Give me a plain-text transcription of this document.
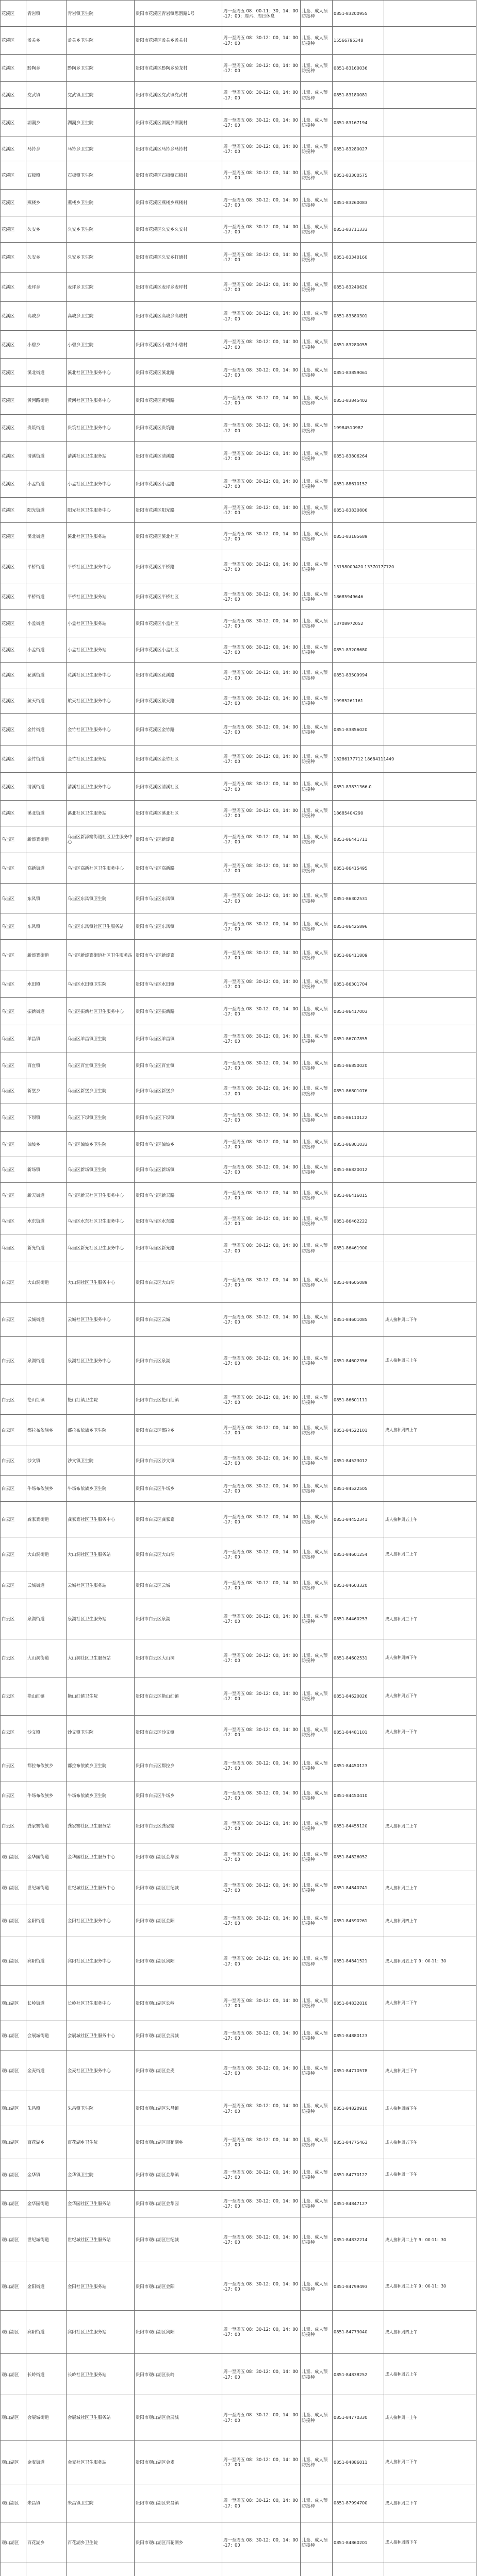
花溪区	青岩镇	青岩镇卫生院	贵阳市花溪区青岩镇思潜路1号	周一至周五 08：00-11：30，14：00-17：00；周六、周日休息	儿童、成人预防接种	0851-83200955	
花溪区	孟关乡	孟关乡卫生院	贵阳市花溪区孟关乡孟关村	周一至周五 08：30-12：00，14：00-17：00	儿童、成人预防接种	15566795348	
花溪区	黔陶乡	黔陶乡卫生院	贵阳市花溪区黔陶乡骑龙村	周一至周五 08：30-12：00，14：00-17：00	儿童、成人预防接种	0851-83160036	
花溪区	党武镇	党武镇卫生院	贵阳市花溪区党武镇党武村	周一至周五 08：30-12：00，14：00-17：00	儿童、成人预防接种	0851-83180081	
花溪区	湖潮乡	湖潮乡卫生院	贵阳市花溪区湖潮乡湖潮村	周一至周五 08：30-12：00，14：00-17：00	儿童、成人预防接种	0851-83167194	
花溪区	马铃乡	马铃乡卫生院	贵阳市花溪区马铃乡马铃村	周一至周五 08：30-12：00，14：00-17：00	儿童、成人预防接种	0851-83280027	
花溪区	石板镇	石板镇卫生院	贵阳市花溪区石板镇石板村	周一至周五 08：30-12：00，14：00-17：00	儿童、成人预防接种	0851-83300575	
花溪区	燕楼乡	燕楼乡卫生院	贵阳市花溪区燕楼乡燕楼村	周一至周五 08：30-12：00，14：00-17：00	儿童、成人预防接种	0851-83260083	
花溪区	久安乡	久安乡卫生院	贵阳市花溪区久安乡久安村	周一至周五 08：30-12：00，14：00-17：00	儿童、成人预防接种	0851-83711333	
花溪区	久安乡	久安乡卫生院	贵阳市花溪区久安乡打通村	周一至周五 08：30-12：00，14：00-17：00	儿童、成人预防接种	0851-83340160	
花溪区	麦坪乡	麦坪乡卫生院	贵阳市花溪区麦坪乡麦坪村	周一至周五 08：30-12：00，14：00-17：00	儿童、成人预防接种	0851-83240620	
花溪区	高坡乡	高坡乡卫生院	贵阳市花溪区高坡乡高坡村	周一至周五 08：30-12：00，14：00-17：00	儿童、成人预防接种	0851-83380301	
花溪区	小碧乡	小碧乡卫生院	贵阳市花溪区小碧乡小碧村	周一至周五 08：30-12：00，14：00-17：00	儿童、成人预防接种	0851-83280055	
花溪区	溪北街道	溪北社区卫生服务中心	贵阳市花溪区溪北路	周一至周五 08：30-12：00，14：00-17：00	儿童、成人预防接种	0851-83859061	
花溪区	黄河路街道	黄河社区卫生服务中心	贵阳市花溪区黄河路	周一至周五 08：30-12：00，14：00-17：00	儿童、成人预防接种	0851-83845402	
花溪区	贵筑街道	贵筑社区卫生服务中心	贵阳市花溪区贵筑路	周一至周五 08：30-12：00，14：00-17：00	儿童、成人预防接种	19984510987	
花溪区	清溪街道	清溪社区卫生服务站	贵阳市花溪区清溪路	周一至周五 08：30-12：00，14：00-17：00	儿童、成人预防接种	0851-83806264	
花溪区	小孟街道	小孟社区卫生服务中心	贵阳市花溪区小孟路	周一至周五 08：30-12：00，14：00-17：00	儿童、成人预防接种	0851-88610152	
花溪区	阳光街道	阳光社区卫生服务中心	贵阳市花溪区阳光路	周一至周五 08：30-12：00，14：00-17：00	儿童、成人预防接种	0851-83830806	
花溪区	溪北街道	溪北社区卫生服务站	贵阳市花溪区溪北社区	周一至周五 08：30-12：00，14：00-17：00	儿童、成人预防接种	0851-83185689	
花溪区	平桥街道	平桥社区卫生服务中心	贵阳市花溪区平桥路	周一至周五 08：30-12：00，14：00-17：00	儿童、成人预防接种	13158009420 13370177720	
花溪区	平桥街道	平桥社区卫生服务站	贵阳市花溪区平桥社区	周一至周五 08：30-12：00，14：00-17：00	儿童、成人预防接种	18685949646	
花溪区	小孟街道	小孟社区卫生服务站	贵阳市花溪区小孟社区	周一至周五 08：30-12：00，14：00-17：00	儿童、成人预防接种	13708972052	
花溪区	小孟街道	小孟社区卫生服务站	贵阳市花溪区小孟社区	周一至周五 08：30-12：00，14：00-17：00	儿童、成人预防接种	0851-83208680	
花溪区	花溪街道	花溪社区卫生服务中心	贵阳市花溪区花溪路	周一至周五 08：30-12：00，14：00-17：00	儿童、成人预防接种	0851-83509994	
花溪区	航天街道	航天社区卫生服务中心	贵阳市花溪区航天路	周一至周五 08：30-12：00，14：00-17：00	儿童、成人预防接种	19985261161	
花溪区	金竹街道	金竹社区卫生服务中心	贵阳市花溪区金竹路	周一至周五 08：30-12：00，14：00-17：00	儿童、成人预防接种	0851-83856020	
花溪区	金竹街道	金竹社区卫生服务站	贵阳市花溪区金竹社区	周一至周五 08：30-12：00，14：00-17：00	儿童、成人预防接种	18286177712 18684111449	
花溪区	清溪街道	清溪社区卫生服务中心	贵阳市花溪区清溪社区	周一至周五 08：30-12：00，14：00-17：00	儿童、成人预防接种	0851-83831366-0	
花溪区	溪北街道	溪北社区卫生服务站	贵阳市花溪区溪北社区	周一至周五 08：30-12：00，14：00-17：00	儿童、成人预防接种	18685404290	
乌当区	新添寨街道	乌当区新添寨街道社区卫生服务中心	贵阳市乌当区新添寨	周一至周五 08：30-12：00，14：00-17：00	儿童、成人预防接种	0851-86441711	
乌当区	高新街道	乌当区高新社区卫生服务中心	贵阳市乌当区高新路	周一至周五 08：30-12：00，14：00-17：00	儿童、成人预防接种	0851-86415495	
乌当区	东风镇	乌当区东风镇卫生院	贵阳市乌当区东风镇	周一至周五 08：30-12：00，14：00-17：00	儿童、成人预防接种	0851-86302531	
乌当区	东风镇	乌当区东风镇社区卫生服务站	贵阳市乌当区东风镇	周一至周五 08：30-12：00，14：00-17：00	儿童、成人预防接种	0851-86425896	
乌当区	新添寨街道	乌当区新添寨街道社区卫生服务站	贵阳市乌当区新添寨	周一至周五 08：30-12：00，14：00-17：00	儿童、成人预防接种	0851-86411809	
乌当区	水田镇	乌当区水田镇卫生院	贵阳市乌当区水田镇	周一至周五 08：30-12：00，14：00-17：00	儿童、成人预防接种	0851-86301704	
乌当区	振新街道	乌当区振新社区卫生服务中心	贵阳市乌当区振新路	周一至周五 08：30-12：00，14：00-17：00	儿童、成人预防接种	0851-86417003	
乌当区	羊昌镇	乌当区羊昌镇卫生院	贵阳市乌当区羊昌镇	周一至周五 08：30-12：00，14：00-17：00	儿童、成人预防接种	0851-86707855	
乌当区	百宜镇	乌当区百宜镇卫生院	贵阳市乌当区百宜镇	周一至周五 08：30-12：00，14：00-17：00	儿童、成人预防接种	0851-86850020	
乌当区	新堡乡	乌当区新堡乡卫生院	贵阳市乌当区新堡乡	周一至周五 08：30-12：00，14：00-17：00	儿童、成人预防接种	0851-86801076	
乌当区	下坝镇	乌当区下坝镇卫生院	贵阳市乌当区下坝镇	周一至周五 08：30-12：00，14：00-17：00	儿童、成人预防接种	0851-86110122	
乌当区	偏坡乡	乌当区偏坡乡卫生院	贵阳市乌当区偏坡乡	周一至周五 08：30-12：00，14：00-17：00	儿童、成人预防接种	0851-86801033	
乌当区	新场镇	乌当区新场镇卫生院	贵阳市乌当区新场镇	周一至周五 08：30-12：00，14：00-17：00	儿童、成人预防接种	0851-86820012	
乌当区	新天街道	乌当区新天社区卫生服务中心	贵阳市乌当区新天路	周一至周五 08：30-12：00，14：00-17：00	儿童、成人预防接种	0851-86416015	
乌当区	水东街道	乌当区水东社区卫生服务中心	贵阳市乌当区水东路	周一至周五 08：30-12：00，14：00-17：00	儿童、成人预防接种	0851-86462222	
乌当区	新光街道	乌当区新光社区卫生服务中心	贵阳市乌当区新光路	周一至周五 08：30-12：00，14：00-17：00	儿童、成人预防接种	0851-86461900	
白云区	大山洞街道	大山洞社区卫生服务中心	贵阳市白云区大山洞	周一至周五 08：30-12：00，14：00-17：00	儿童、成人预防接种	0851-84605089	
白云区	云城街道	云城社区卫生服务中心	贵阳市白云区云城	周一至周五 08：30-12：00，14：00-17：00	儿童、成人预防接种	0851-84601085	成人接种周二下午
白云区	泉湖街道	泉湖社区卫生服务中心	贵阳市白云区泉湖	周一至周五 08：30-12：00，14：00-17：00	儿童、成人预防接种	0851-84602356	成人接种周三上午
白云区	艳山红镇	艳山红镇卫生院	贵阳市白云区艳山红镇	周一至周五 08：30-12：00，14：00-17：00	儿童、成人预防接种	0851-86601111	
白云区	都拉布依族乡	都拉布依族乡卫生院	贵阳市白云区都拉乡	周一至周五 08：30-12：00，14：00-17：00	儿童、成人预防接种	0851-84522101	成人接种周四上午
白云区	沙文镇	沙文镇卫生院	贵阳市白云区沙文镇	周一至周五 08：30-12：00，14：00-17：00	儿童、成人预防接种	0851-84523012	
白云区	牛场布依族乡	牛场布依族乡卫生院	贵阳市白云区牛场乡	周一至周五 08：30-12：00，14：00-17：00	儿童、成人预防接种	0851-84522505	
白云区	龚家寨街道	龚家寨社区卫生服务中心	贵阳市白云区龚家寨	周一至周五 08：30-12：00，14：00-17：00	儿童、成人预防接种	0851-84452341	成人接种周五上午
白云区	大山洞街道	大山洞社区卫生服务站	贵阳市白云区大山洞	周一至周五 08：30-12：00，14：00-17：00	儿童、成人预防接种	0851-84601254	成人接种周二上午
白云区	云城街道	云城社区卫生服务站	贵阳市白云区云城	周一至周五 08：30-12：00，14：00-17：00	儿童、成人预防接种	0851-84603320	
白云区	泉湖街道	泉湖社区卫生服务站	贵阳市白云区泉湖	周一至周五 08：30-12：00，14：00-17：00	儿童、成人预防接种	0851-84460253	成人接种周三下午
白云区	大山洞街道	大山洞社区卫生服务站	贵阳市白云区大山洞	周一至周五 08：30-12：00，14：00-17：00	儿童、成人预防接种	0851-84602531	成人接种周四下午
白云区	艳山红镇	艳山红镇卫生院	贵阳市白云区艳山红镇	周一至周五 08：30-12：00，14：00-17：00	儿童、成人预防接种	0851-84620026	成人接种周五下午
白云区	沙文镇	沙文镇卫生院	贵阳市白云区沙文镇	周一至周五 08：30-12：00，14：00-17：00	儿童、成人预防接种	0851-84481101	成人接种周一下午
白云区	都拉布依族乡	都拉布依族乡卫生院	贵阳市白云区都拉乡	周一至周五 08：30-12：00，14：00-17：00	儿童、成人预防接种	0851-84450123	
白云区	牛场布依族乡	牛场布依族乡卫生院	贵阳市白云区牛场乡	周一至周五 08：30-12：00，14：00-17：00	儿童、成人预防接种	0851-84450410	
白云区	龚家寨街道	龚家寨社区卫生服务站	贵阳市白云区龚家寨	周一至周五 08：30-12：00，14：00-17：00	儿童、成人预防接种	0851-84455120	成人接种周二上午
观山湖区	金华园街道	金华园社区卫生服务中心	贵阳市观山湖区金华园	周一至周五 08：30-12：00，14：00-17：00	儿童、成人预防接种	0851-84826052	
观山湖区	世纪城街道	世纪城社区卫生服务中心	贵阳市观山湖区世纪城	周一至周五 08：30-12：00，14：00-17：00	儿童、成人预防接种	0851-84840741	成人接种周三上午
观山湖区	金阳街道	金阳社区卫生服务中心	贵阳市观山湖区金阳	周一至周五 08：30-12：00，14：00-17：00	儿童、成人预防接种	0851-84590261	成人接种周四上午
观山湖区	宾阳街道	宾阳社区卫生服务中心	贵阳市观山湖区宾阳	周一至周五 08：30-12：00，14：00-17：00	儿童、成人预防接种	0851-84841521	成人接种周五上午 9：00-11：30
观山湖区	长岭街道	长岭社区卫生服务中心	贵阳市观山湖区长岭	周一至周五 08：30-12：00，14：00-17：00	儿童、成人预防接种	0851-84832010	成人接种周二下午
观山湖区	会展城街道	会展城社区卫生服务中心	贵阳市观山湖区会展城	周一至周五 08：30-12：00，14：00-17：00	儿童、成人预防接种	0851-84880123	
观山湖区	金麦街道	金麦社区卫生服务中心	贵阳市观山湖区金麦	周一至周五 08：30-12：00，14：00-17：00	儿童、成人预防接种	0851-84710578	成人接种周三下午
观山湖区	朱昌镇	朱昌镇卫生院	贵阳市观山湖区朱昌镇	周一至周五 08：30-12：00，14：00-17：00	儿童、成人预防接种	0851-84820910	成人接种周四下午
观山湖区	百花湖乡	百花湖乡卫生院	贵阳市观山湖区百花湖乡	周一至周五 08：30-12：00，14：00-17：00	儿童、成人预防接种	0851-84775463	成人接种周五下午
观山湖区	金华镇	金华镇卫生院	贵阳市观山湖区金华镇	周一至周五 08：30-12：00，14：00-17：00	儿童、成人预防接种	0851-84770122	成人接种周一下午
观山湖区	金华园街道	金华园社区卫生服务站	贵阳市观山湖区金华园	周一至周五 08：30-12：00，14：00-17：00	儿童、成人预防接种	0851-84847127	
观山湖区	世纪城街道	世纪城社区卫生服务站	贵阳市观山湖区世纪城	周一至周五 08：30-12：00，14：00-17：00	儿童、成人预防接种	0851-84832214	成人接种周二上午 9：00-11：30
观山湖区	金阳街道	金阳社区卫生服务站	贵阳市观山湖区金阳	周一至周五 08：30-12：00，14：00-17：00	儿童、成人预防接种	0851-84799493	成人接种周三上午 9：00-11：30
观山湖区	宾阳街道	宾阳社区卫生服务站	贵阳市观山湖区宾阳	周一至周五 08：30-12：00，14：00-17：00	儿童、成人预防接种	0851-84773040	成人接种周四上午
观山湖区	长岭街道	长岭社区卫生服务站	贵阳市观山湖区长岭	周一至周五 08：30-12：00，14：00-17：00	儿童、成人预防接种	0851-84838252	成人接种周五上午
观山湖区	会展城街道	会展城社区卫生服务站	贵阳市观山湖区会展城	周一至周五 08：30-12：00，14：00-17：00	儿童、成人预防接种	0851-84770330	成人接种周一上午
观山湖区	金麦街道	金麦社区卫生服务站	贵阳市观山湖区金麦	周一至周五 08：30-12：00，14：00-17：00	儿童、成人预防接种	0851-84886011	成人接种周二下午
观山湖区	朱昌镇	朱昌镇卫生院	贵阳市观山湖区朱昌镇	周一至周五 08：30-12：00，14：00-17：00	儿童、成人预防接种	0851-87994700	成人接种周三下午
观山湖区	百花湖乡	百花湖乡卫生院	贵阳市观山湖区百花湖乡	周一至周五 08：30-12：00，14：00-17：00	儿童、成人预防接种	0851-84860201	成人接种周四下午
